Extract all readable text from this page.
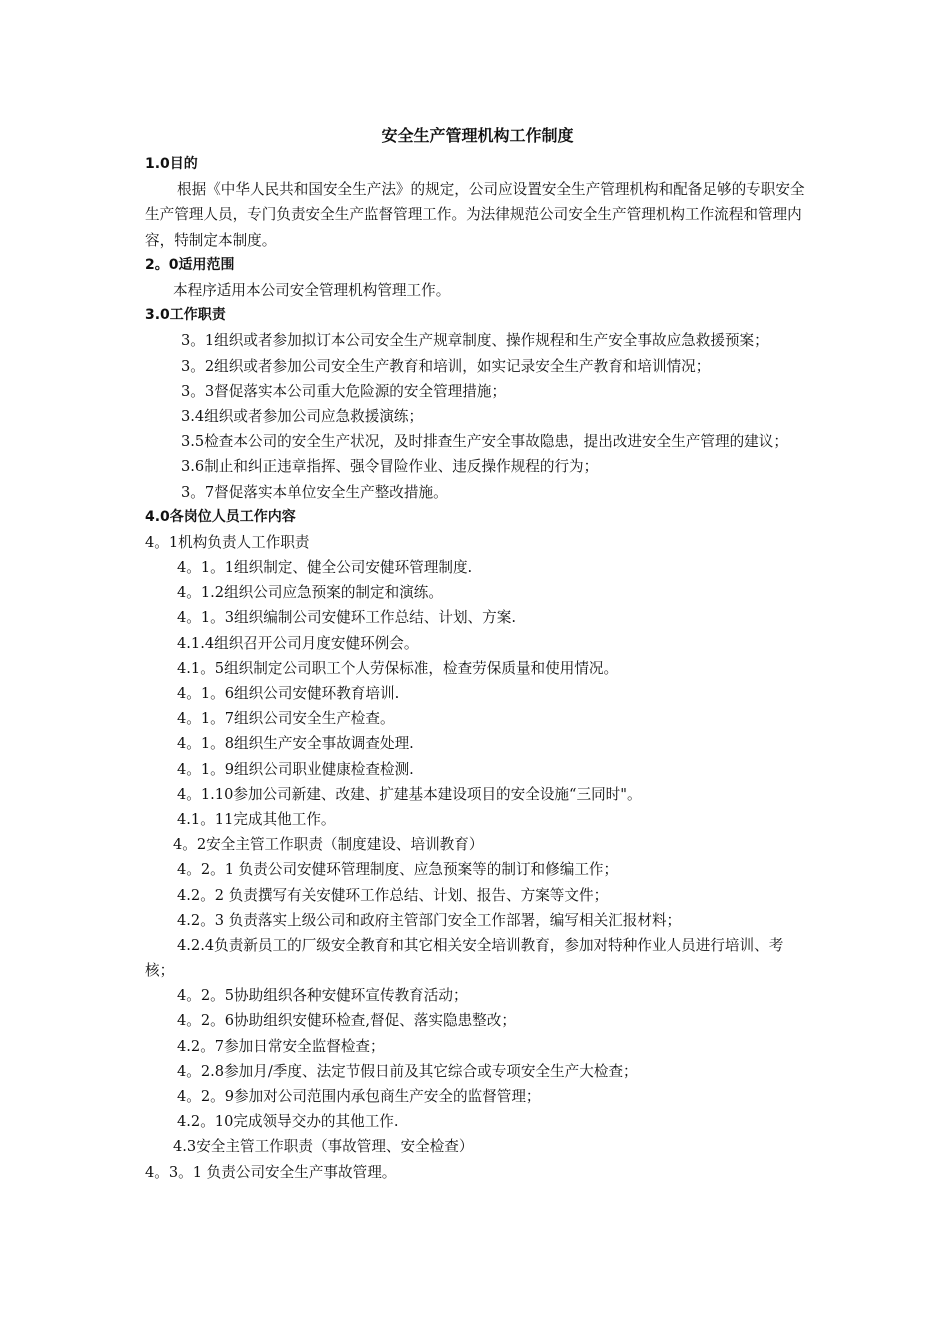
安全生产管理机构工作制度
1.0目的
根据《中华人民共和国安全生产法》的规定，公司应设置安全生产管理机构和配备足够的专职安全生产管理人员，专门负责安全生产监督管理工作。为法律规范公司安全生产管理机构工作流程和管理内容，特制定本制度。
2。0适用范围
本程序适用本公司安全管理机构管理工作。
3.0工作职责
3。1组织或者参加拟订本公司安全生产规章制度、操作规程和生产安全事故应急救援预案；
3。2组织或者参加公司安全生产教育和培训，如实记录安全生产教育和培训情况；
3。3督促落实本公司重大危险源的安全管理措施；
3.4组织或者参加公司应急救援演练；
3.5检查本公司的安全生产状况，及时排查生产安全事故隐患，提出改进安全生产管理的建议；
3.6制止和纠正违章指挥、强令冒险作业、违反操作规程的行为；
3。7督促落实本单位安全生产整改措施。
4.0各岗位人员工作内容
4。1机构负责人工作职责
4。1。1组织制定、健全公司安健环管理制度.
4。1.2组织公司应急预案的制定和演练。
4。1。3组织编制公司安健环工作总结、计划、方案.
4.1.4组织召开公司月度安健环例会。
4.1。5组织制定公司职工个人劳保标准，检查劳保质量和使用情况。
4。1。6组织公司安健环教育培训.
4。1。7组织公司安全生产检查。
4。1。8组织生产安全事故调查处理.
4。1。9组织公司职业健康检查检测.
4。1.10参加公司新建、改建、扩建基本建设项目的安全设施“三同时"。
4.1。11完成其他工作。
4。2安全主管工作职责（制度建设、培训教育）
4。2。1 负责公司安健环管理制度、应急预案等的制订和修编工作；
4.2。2 负责撰写有关安健环工作总结、计划、报告、方案等文件；
4.2。3 负责落实上级公司和政府主管部门安全工作部署，编写相关汇报材料；
4.2.4负责新员工的厂级安全教育和其它相关安全培训教育，参加对特种作业人员进行培训、考核；
4。2。5协助组织各种安健环宣传教育活动；
4。2。6协助组织安健环检查,督促、落实隐患整改；
4.2。7参加日常安全监督检查；
4。2.8参加月/季度、法定节假日前及其它综合或专项安全生产大检查；
4。2。9参加对公司范围内承包商生产安全的监督管理；
4.2。10完成领导交办的其他工作.
4.3安全主管工作职责（事故管理、安全检查）
4。3。1 负责公司安全生产事故管理。
